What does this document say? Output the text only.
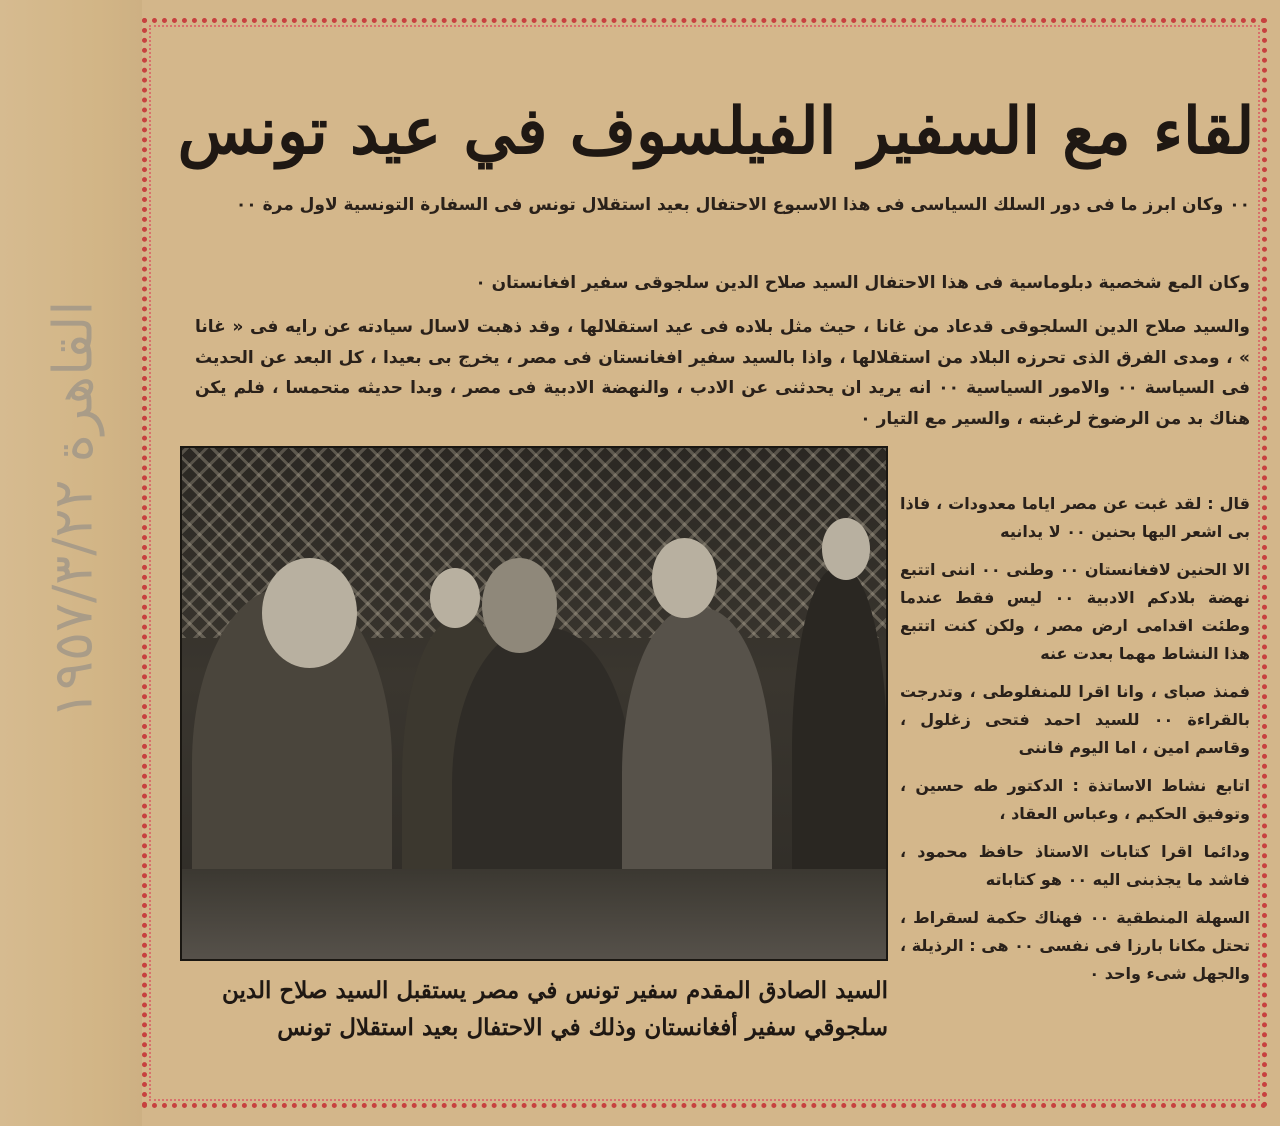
القاهرة ١٩٥٧/٣/٢٢
لقاء مع السفير الفيلسوف في عيد تونس

٠٠ وكان ابرز ما فى دور السلك السياسى فى هذا الاسبوع الاحتفال بعيد استقلال تونس فى السفارة التونسية لاول مرة ٠٠

وكان المع شخصية دبلوماسية فى هذا الاحتفال السيد صلاح الدين سلجوقى سفير افغانستان ٠

والسيد صلاح الدين السلجوقى قدعاد من غانا ، حيث مثل بلاده فى عيد استقلالها ، وقد ذهبت لاسال سيادته عن رايه فى « غانا » ، ومدى الفرق الذى تحرزه البلاد من استقلالها ، واذا بالسيد سفير افغانستان فى مصر ، يخرج بى بعيدا ، كل البعد عن الحديث فى السياسة ٠٠ والامور السياسية ٠٠ انه يريد ان يحدثنى عن الادب ، والنهضة الادبية فى مصر ، وبدا حديثه متحمسا ، فلم يكن هناك بد من الرضوخ لرغبته ، والسير مع التيار ٠

السيد الصادق المقدم سفير تونس في مصر يستقبل السيد صلاح الدين سلجوقي سفير أفغانستان وذلك في الاحتفال بعيد استقلال تونس

قال : لقد غبت عن مصر اياما معدودات ، فاذا بى اشعر اليها بحنين ٠٠ لا يدانيه

الا الحنين لافغانستان ٠٠ وطنى ٠٠ اننى اتتبع نهضة بلادكم الادبية ٠٠ ليس فقط عندما وطئت اقدامى ارض مصر ، ولكن كنت اتتبع هذا النشاط مهما بعدت عنه

فمنذ صباى ، وانا اقرا للمنفلوطى ، وتدرجت بالقراءة ٠٠ للسيد احمد فتحى زغلول ، وقاسم امين ، اما اليوم فاننى

اتابع نشاط الاساتذة : الدكتور طه حسين ، وتوفيق الحكيم ، وعباس العقاد ،

ودائما اقرا كتابات الاستاذ حافظ محمود ، فاشد ما يجذبنى اليه ٠٠ هو كتاباته

السهلة المنطقية ٠٠ فهناك حكمة لسقراط ، تحتل مكانا بارزا فى نفسى ٠٠ هى : الرذيلة ، والجهل شىء واحد ٠
